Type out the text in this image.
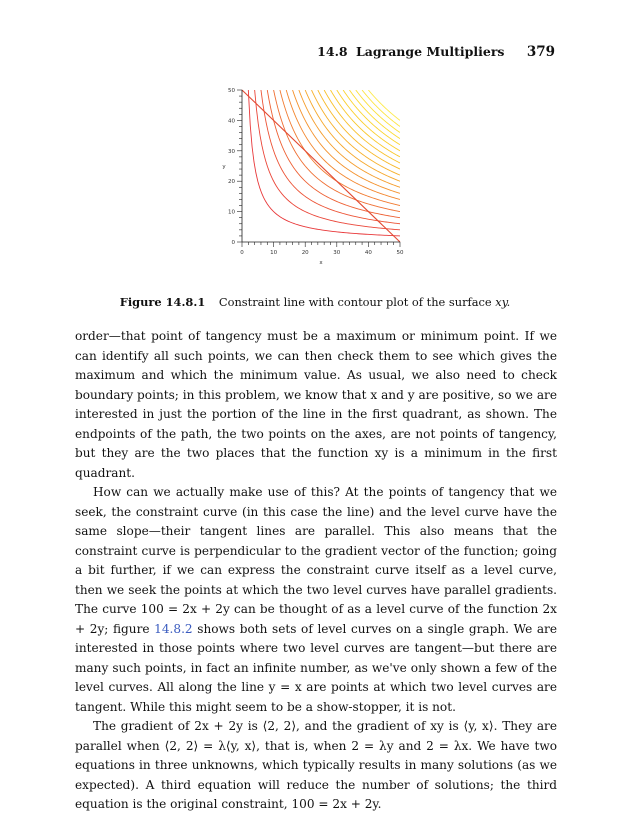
14.8 Lagrange Multipliers 379
0	10	20	30	40	50
0
10
20
30
40
50
x
y
Figure 14.8.1 Constraint line with contour plot of the surface xy.

order—that point of tangency must be a maximum or minimum point. If we can identify all such points, we can then check them to see which gives the maximum and which the minimum value. As usual, we also need to check boundary points; in this problem, we know that x and y are positive, so we are interested in just the portion of the line in the first quadrant, as shown. The endpoints of the path, the two points on the axes, are not points of tangency, but they are the two places that the function xy is a minimum in the first quadrant.

How can we actually make use of this? At the points of tangency that we seek, the constraint curve (in this case the line) and the level curve have the same slope—their tangent lines are parallel. This also means that the constraint curve is perpendicular to the gradient vector of the function; going a bit further, if we can express the constraint curve itself as a level curve, then we seek the points at which the two level curves have parallel gradients. The curve 100 = 2x + 2y can be thought of as a level curve of the function 2x + 2y; figure 14.8.2 shows both sets of level curves on a single graph. We are interested in those points where two level curves are tangent—but there are many such points, in fact an infinite number, as we've only shown a few of the level curves. All along the line y = x are points at which two level curves are tangent. While this might seem to be a show-stopper, it is not.

The gradient of 2x + 2y is ⟨2, 2⟩, and the gradient of xy is ⟨y, x⟩. They are parallel when ⟨2, 2⟩ = λ⟨y, x⟩, that is, when 2 = λy and 2 = λx. We have two equations in three unknowns, which typically results in many solutions (as we expected). A third equation will reduce the number of solutions; the third equation is the original constraint, 100 = 2x + 2y.
